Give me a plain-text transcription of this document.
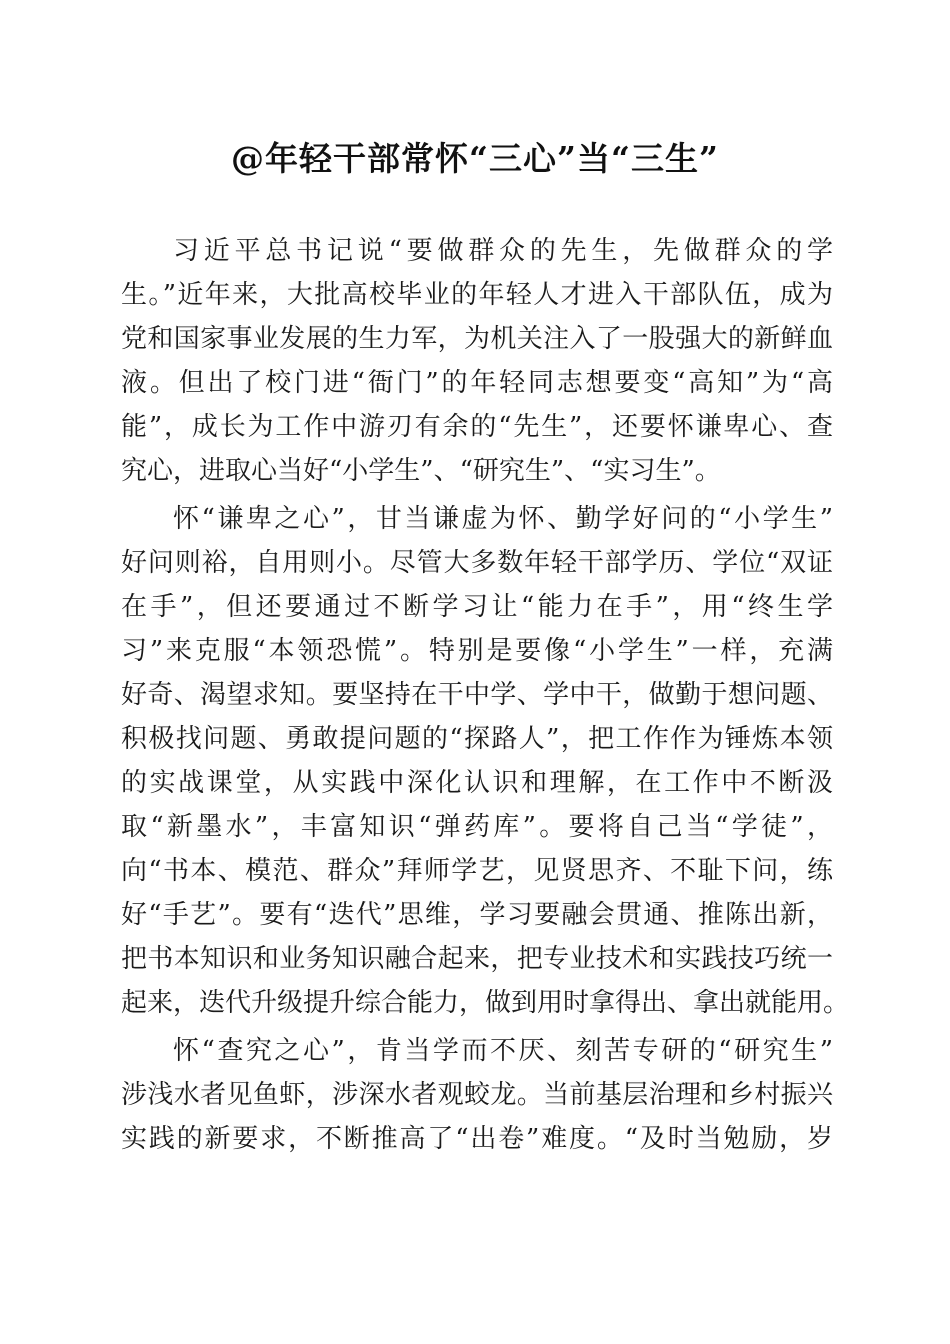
@年轻干部常怀“三心”当“三生”
习近平总书记说“要做群众的先生，先做群众的学
生。”近年来，大批高校毕业的年轻人才进入干部队伍，成为
党和国家事业发展的生力军，为机关注入了一股强大的新鲜血
液。但出了校门进“衙门”的年轻同志想要变“高知”为“高
能”，成长为工作中游刃有余的“先生”，还要怀谦卑心、查
究心，进取心当好“小学生”、“研究生”、“实习生”。
怀“谦卑之心”，甘当谦虚为怀、勤学好问的“小学生”
好问则裕，自用则小。尽管大多数年轻干部学历、学位“双证
在手”，但还要通过不断学习让“能力在手”，用“终生学
习”来克服“本领恐慌”。特别是要像“小学生”一样，充满
好奇、渴望求知。要坚持在干中学、学中干，做勤于想问题、
积极找问题、勇敢提问题的“探路人”，把工作作为锤炼本领
的实战课堂，从实践中深化认识和理解，在工作中不断汲
取“新墨水”，丰富知识“弹药库”。要将自己当“学徒”，
向“书本、模范、群众”拜师学艺，见贤思齐、不耻下问，练
好“手艺”。要有“迭代”思维，学习要融会贯通、推陈出新，
把书本知识和业务知识融合起来，把专业技术和实践技巧统一
起来，迭代升级提升综合能力，做到用时拿得出、拿出就能用。
怀“查究之心”，肯当学而不厌、刻苦专研的“研究生”
涉浅水者见鱼虾，涉深水者观蛟龙。当前基层治理和乡村振兴
实践的新要求，不断推高了“出卷”难度。“及时当勉励，岁
